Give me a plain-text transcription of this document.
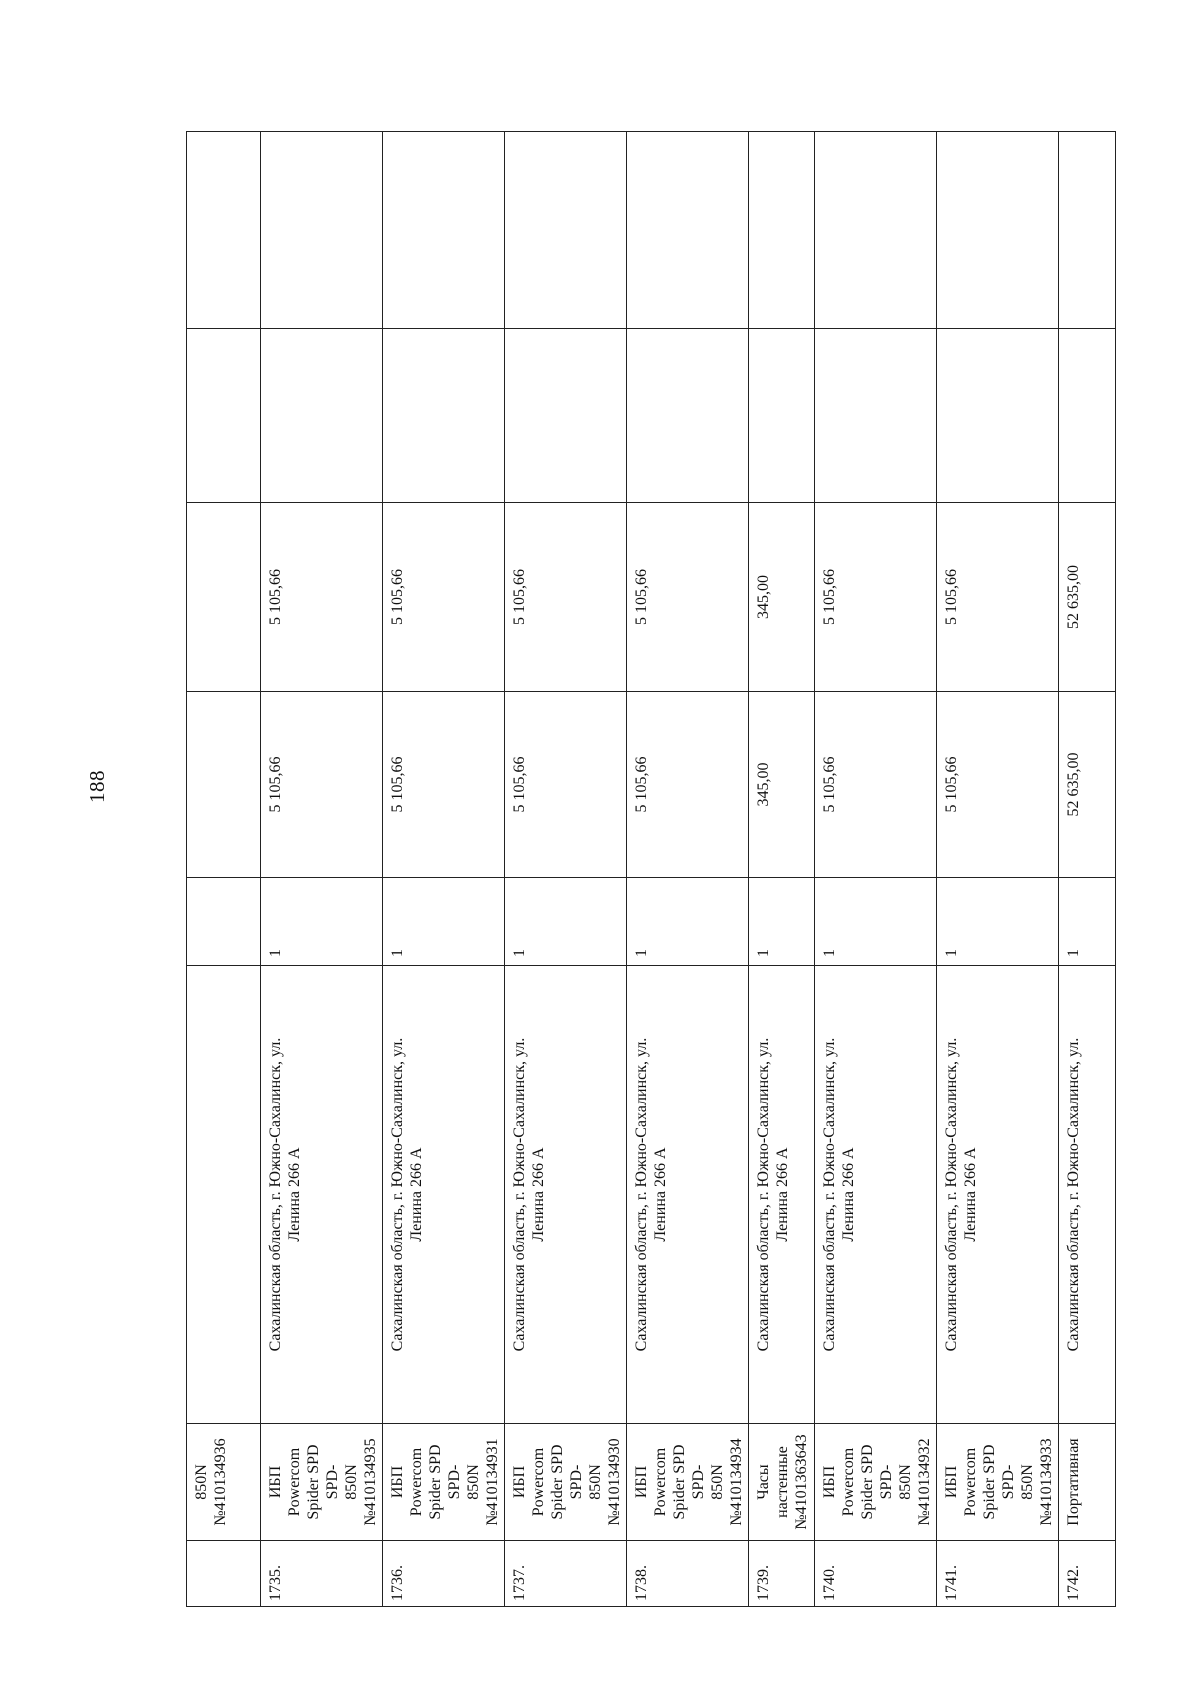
188
	850N
№410134936						
1735.	ИБП Powercom
Spider SPD SPD-
850N
№410134935	Сахалинская область, г. Южно-Сахалинск, ул.
Ленина 266 А	1	5 105,66	5 105,66		
1736.	ИБП Powercom
Spider SPD SPD-
850N
№410134931	Сахалинская область, г. Южно-Сахалинск, ул.
Ленина 266 А	1	5 105,66	5 105,66		
1737.	ИБП Powercom
Spider SPD SPD-
850N
№410134930	Сахалинская область, г. Южно-Сахалинск, ул.
Ленина 266 А	1	5 105,66	5 105,66		
1738.	ИБП Powercom
Spider SPD SPD-
850N
№410134934	Сахалинская область, г. Южно-Сахалинск, ул.
Ленина 266 А	1	5 105,66	5 105,66		
1739.	Часы настенные
№410136З643	Сахалинская область, г. Южно-Сахалинск, ул.
Ленина 266 А	1	345,00	345,00		
1740.	ИБП Powercom
Spider SPD SPD-
850N
№410134932	Сахалинская область, г. Южно-Сахалинск, ул.
Ленина 266 А	1	5 105,66	5 105,66		
1741.	ИБП Powercom
Spider SPD SPD-
850N
№410134933	Сахалинская область, г. Южно-Сахалинск, ул.
Ленина 266 А	1	5 105,66	5 105,66		
1742.	Портативная	Сахалинская область, г. Южно-Сахалинск, ул.	1	52 635,00	52 635,00		
